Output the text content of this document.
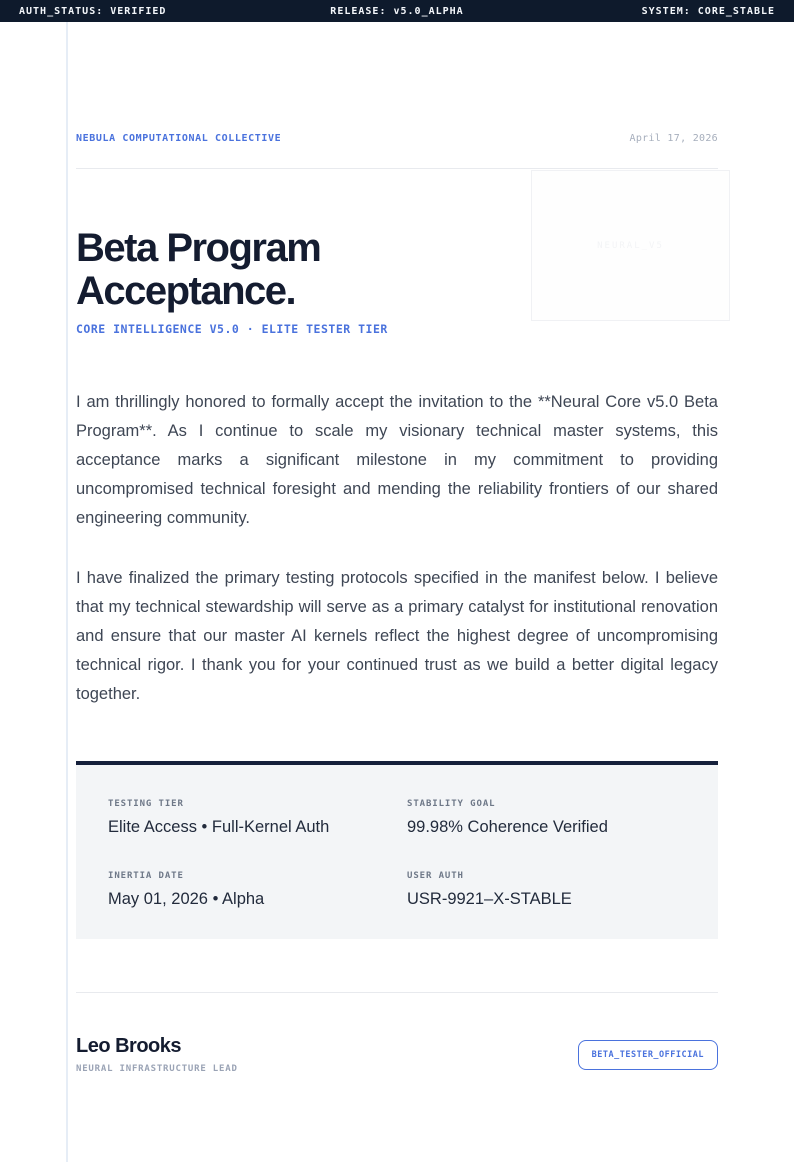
AUTH_STATUS: VERIFIED	RELEASE: v5.0_ALPHA	SYSTEM: CORE_STABLE
NEURAL_V5
NEBULA COMPUTATIONAL COLLECTIVE	April 17, 2026
Beta Program
Acceptance.
CORE INTELLIGENCE V5.0 · ELITE TESTER TIER

I am thrillingly honored to formally accept the invitation to the **Neural Core v5.0 Beta Program**. As I continue to scale my visionary technical master systems, this acceptance marks a significant milestone in my commitment to providing uncompromised technical foresight and mending the reliability frontiers of our shared engineering community.

I have finalized the primary testing protocols specified in the manifest below. I believe that my technical stewardship will serve as a primary catalyst for institutional renovation and ensure that our master AI kernels reflect the highest degree of uncompromising technical rigor. I thank you for your continued trust as we build a better digital legacy together.

TESTING TIER
Elite Access • Full-Kernel Auth
STABILITY GOAL
99.98% Coherence Verified
INERTIA DATE
May 01, 2026 • Alpha
USER AUTH
USR-9921–X-STABLE
Leo Brooks
NEURAL INFRASTRUCTURE LEAD
BETA_TESTER_OFFICIAL
